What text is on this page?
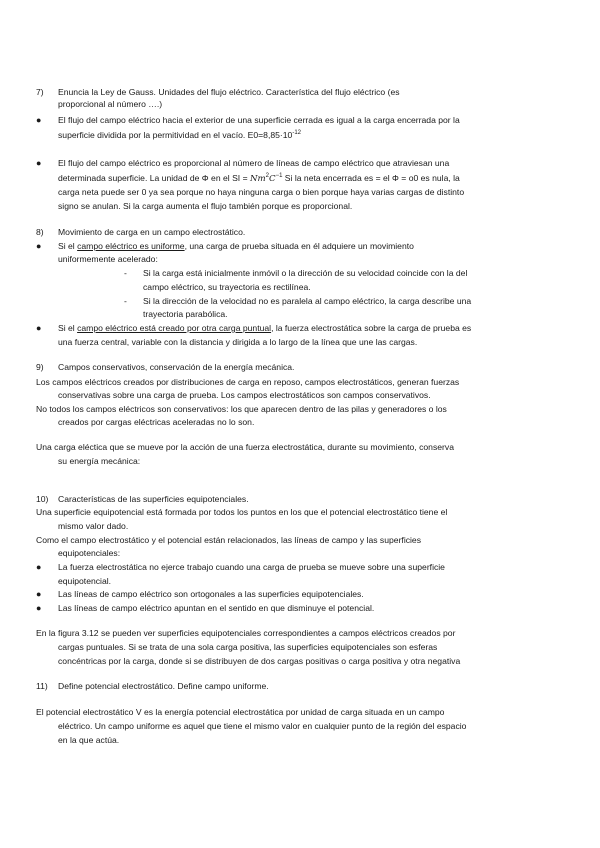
7) Enuncia la Ley de Gauss. Unidades del flujo eléctrico. Característica del flujo eléctrico (es
proporcional al número ….)
● El flujo del campo eléctrico hacia el exterior de una superficie cerrada es igual a la carga encerrada por la
superficie dividida por la permitividad en el vacío. $E0=8,85\cdot 10^{-12}$
● El flujo del campo eléctrico es proporcional al número de líneas de campo eléctrico que atraviesan una
determinada superficie. La unidad de Φ en el SI = $Nm^2C^{-1}$ Si la neta encerrada es = el Φ = o0 es nula, la
carga neta puede ser 0 ya sea porque no haya ninguna carga o bien porque haya varias cargas de distinto
signo se anulan. Si la carga aumenta el flujo también porque es proporcional.
8) Movimiento de carga en un campo electrostático.
● Si el campo eléctrico es uniforme, una carga de prueba situada en él adquiere un movimiento
uniformemente acelerado:
- Si la carga está inicialmente inmóvil o la dirección de su velocidad coincide con la del
campo eléctrico, su trayectoria es rectilínea.
- Si la dirección de la velocidad no es paralela al campo eléctrico, la carga describe una
trayectoria parabólica.
● Si el campo eléctrico está creado por otra carga puntual, la fuerza electrostática sobre la carga de prueba es
una fuerza central, variable con la distancia y dirigida a lo largo de la línea que une las cargas.
9) Campos conservativos, conservación de la energía mecánica.
Los campos eléctricos creados por distribuciones de carga en reposo, campos electrostáticos, generan fuerzas
conservativas sobre una carga de prueba. Los campos electrostáticos son campos conservativos.
No todos los campos eléctricos son conservativos: los que aparecen dentro de las pilas y generadores o los
creados por cargas eléctricas aceleradas no lo son.
Una carga eléctica que se mueve por la acción de una fuerza electrostática, durante su movimiento, conserva
su energía mecánica:
10) Características de las superficies equipotenciales.
Una superficie equipotencial está formada por todos los puntos en los que el potencial electrostático tiene el
mismo valor dado.
Como el campo electrostático y el potencial están relacionados, las líneas de campo y las superficies
equipotenciales:
● La fuerza electrostática no ejerce trabajo cuando una carga de prueba se mueve sobre una superficie
equipotencial.
● Las líneas de campo eléctrico son ortogonales a las superficies equipotenciales.
● Las líneas de campo eléctrico apuntan en el sentido en que disminuye el potencial.
En la figura 3.12 se pueden ver superficies equipotenciales correspondientes a campos eléctricos creados por
cargas puntuales. Si se trata de una sola carga positiva, las superficies equipotenciales son esferas
concéntricas por la carga, donde si se distribuyen de dos cargas positivas o carga positiva y otra negativa
11) Define potencial electrostático. Define campo uniforme.
El potencial electrostático V es la energía potencial electrostática por unidad de carga situada en un campo
eléctrico. Un campo uniforme es aquel que tiene el mismo valor en cualquier punto de la región del espacio
en la que actúa.
